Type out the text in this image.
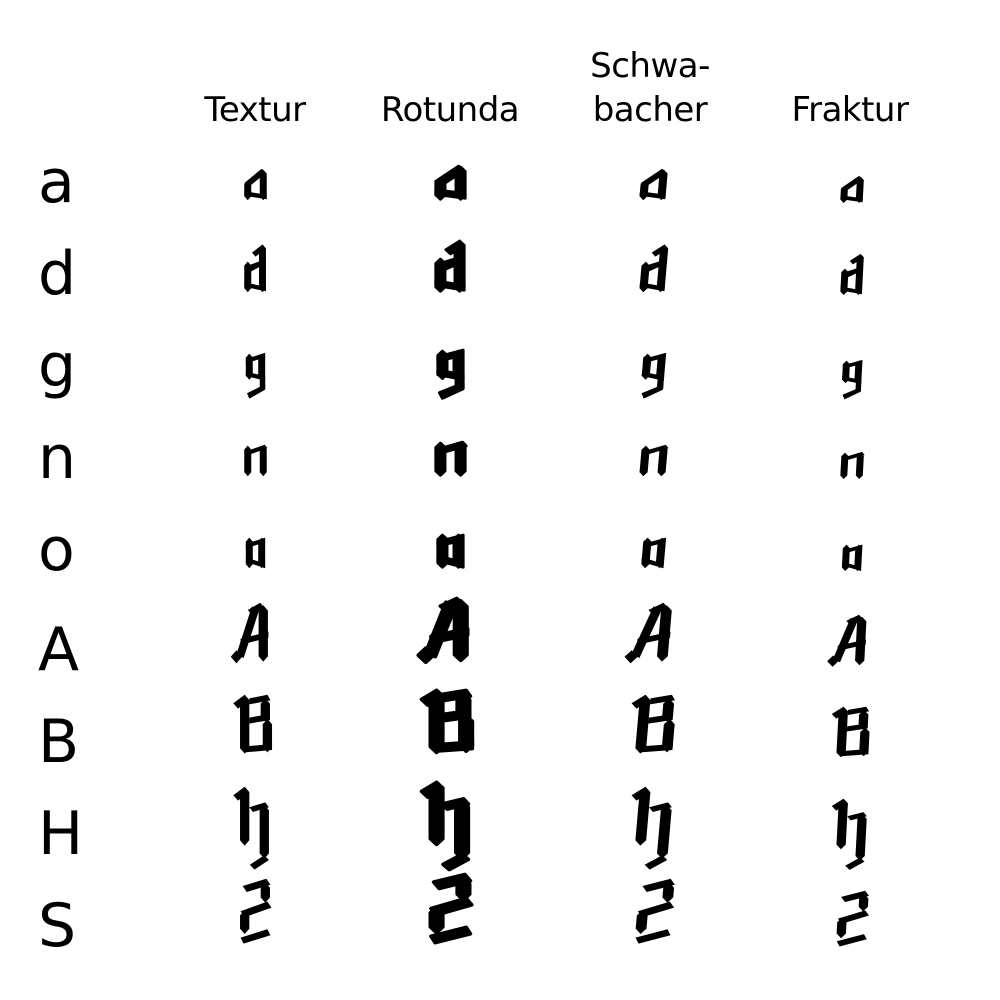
Textur Rotunda
Schwa-
bacher Fraktur
a
d
g
n
o
A
B
H
S
